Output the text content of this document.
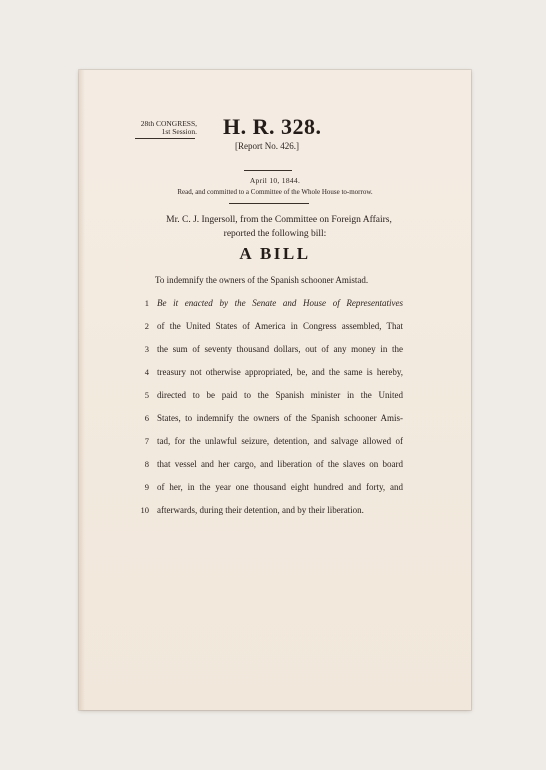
28th CONGRESS,
1st Session. H. R. 328.
[Report No. 426.]
April 10, 1844.
Read, and committed to a Committee of the Whole House to-morrow.
Mr. C. J. Ingersoll, from the Committee on Foreign Affairs,
reported the following bill:
A BILL
To indemnify the owners of the Spanish schooner Amistad.
1 Be it enacted by the Senate and House of Representatives
2 of the United States of America in Congress assembled, That
3 the sum of seventy thousand dollars, out of any money in the
4 treasury not otherwise appropriated, be, and the same is hereby,
5 directed to be paid to the Spanish minister in the United
6 States, to indemnify the owners of the Spanish schooner Amis-
7 tad, for the unlawful seizure, detention, and salvage allowed of
8 that vessel and her cargo, and liberation of the slaves on board
9 of her, in the year one thousand eight hundred and forty, and
10 afterwards, during their detention, and by their liberation.
